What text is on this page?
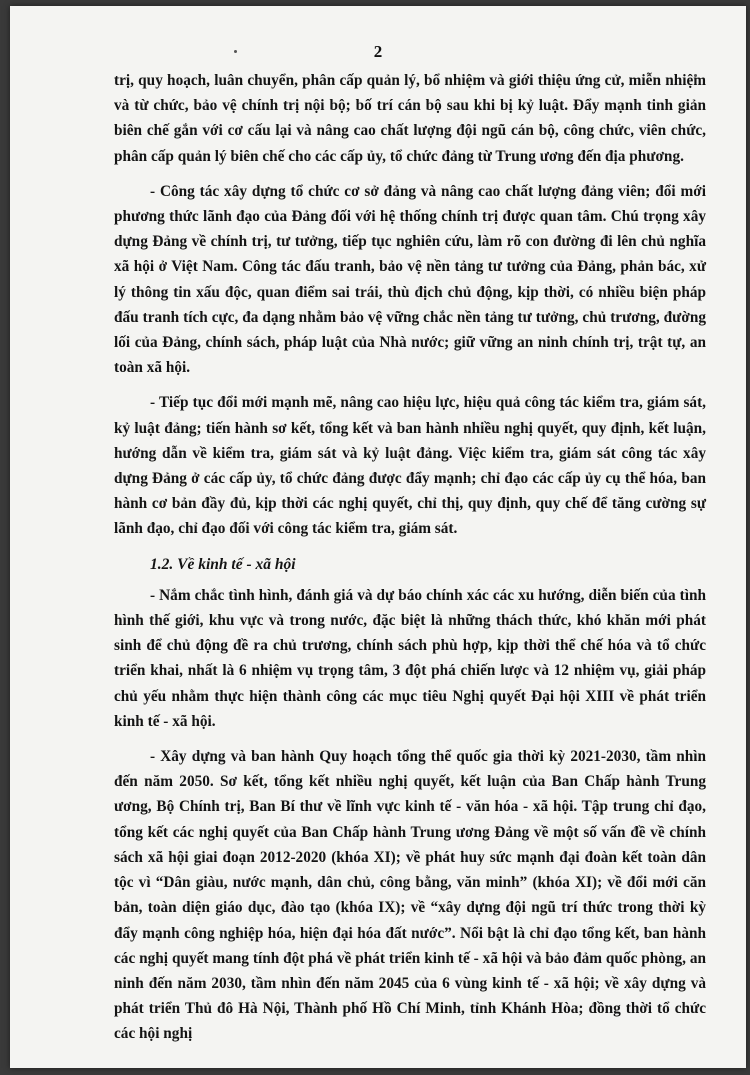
2

trị, quy hoạch, luân chuyển, phân cấp quản lý, bổ nhiệm và giới thiệu ứng cử, miễn nhiệm và từ chức, bảo vệ chính trị nội bộ; bố trí cán bộ sau khi bị kỷ luật. Đẩy mạnh tinh giản biên chế gắn với cơ cấu lại và nâng cao chất lượng đội ngũ cán bộ, công chức, viên chức, phân cấp quản lý biên chế cho các cấp ủy, tổ chức đảng từ Trung ương đến địa phương.

- Công tác xây dựng tổ chức cơ sở đảng và nâng cao chất lượng đảng viên; đổi mới phương thức lãnh đạo của Đảng đối với hệ thống chính trị được quan tâm. Chú trọng xây dựng Đảng về chính trị, tư tưởng, tiếp tục nghiên cứu, làm rõ con đường đi lên chủ nghĩa xã hội ở Việt Nam. Công tác đấu tranh, bảo vệ nền tảng tư tưởng của Đảng, phản bác, xử lý thông tin xấu độc, quan điểm sai trái, thù địch chủ động, kịp thời, có nhiều biện pháp đấu tranh tích cực, đa dạng nhằm bảo vệ vững chắc nền tảng tư tưởng, chủ trương, đường lối của Đảng, chính sách, pháp luật của Nhà nước; giữ vững an ninh chính trị, trật tự, an toàn xã hội.

- Tiếp tục đổi mới mạnh mẽ, nâng cao hiệu lực, hiệu quả công tác kiểm tra, giám sát, kỷ luật đảng; tiến hành sơ kết, tổng kết và ban hành nhiều nghị quyết, quy định, kết luận, hướng dẫn về kiểm tra, giám sát và kỷ luật đảng. Việc kiểm tra, giám sát công tác xây dựng Đảng ở các cấp ủy, tổ chức đảng được đẩy mạnh; chỉ đạo các cấp ủy cụ thể hóa, ban hành cơ bản đầy đủ, kịp thời các nghị quyết, chỉ thị, quy định, quy chế để tăng cường sự lãnh đạo, chỉ đạo đối với công tác kiểm tra, giám sát.

1.2. Về kinh tế - xã hội

- Nắm chắc tình hình, đánh giá và dự báo chính xác các xu hướng, diễn biến của tình hình thế giới, khu vực và trong nước, đặc biệt là những thách thức, khó khăn mới phát sinh để chủ động đề ra chủ trương, chính sách phù hợp, kịp thời thể chế hóa và tổ chức triển khai, nhất là 6 nhiệm vụ trọng tâm, 3 đột phá chiến lược và 12 nhiệm vụ, giải pháp chủ yếu nhằm thực hiện thành công các mục tiêu Nghị quyết Đại hội XIII về phát triển kinh tế - xã hội.

- Xây dựng và ban hành Quy hoạch tổng thể quốc gia thời kỳ 2021-2030, tầm nhìn đến năm 2050. Sơ kết, tổng kết nhiều nghị quyết, kết luận của Ban Chấp hành Trung ương, Bộ Chính trị, Ban Bí thư về lĩnh vực kinh tế - văn hóa - xã hội. Tập trung chỉ đạo, tổng kết các nghị quyết của Ban Chấp hành Trung ương Đảng về một số vấn đề về chính sách xã hội giai đoạn 2012-2020 (khóa XI); về phát huy sức mạnh đại đoàn kết toàn dân tộc vì “Dân giàu, nước mạnh, dân chủ, công bằng, văn minh” (khóa XI); về đổi mới căn bản, toàn diện giáo dục, đào tạo (khóa IX); về “xây dựng đội ngũ trí thức trong thời kỳ đẩy mạnh công nghiệp hóa, hiện đại hóa đất nước”. Nổi bật là chỉ đạo tổng kết, ban hành các nghị quyết mang tính đột phá về phát triển kinh tế - xã hội và bảo đảm quốc phòng, an ninh đến năm 2030, tầm nhìn đến năm 2045 của 6 vùng kinh tế - xã hội; về xây dựng và phát triển Thủ đô Hà Nội, Thành phố Hồ Chí Minh, tỉnh Khánh Hòa; đồng thời tổ chức các hội nghị
